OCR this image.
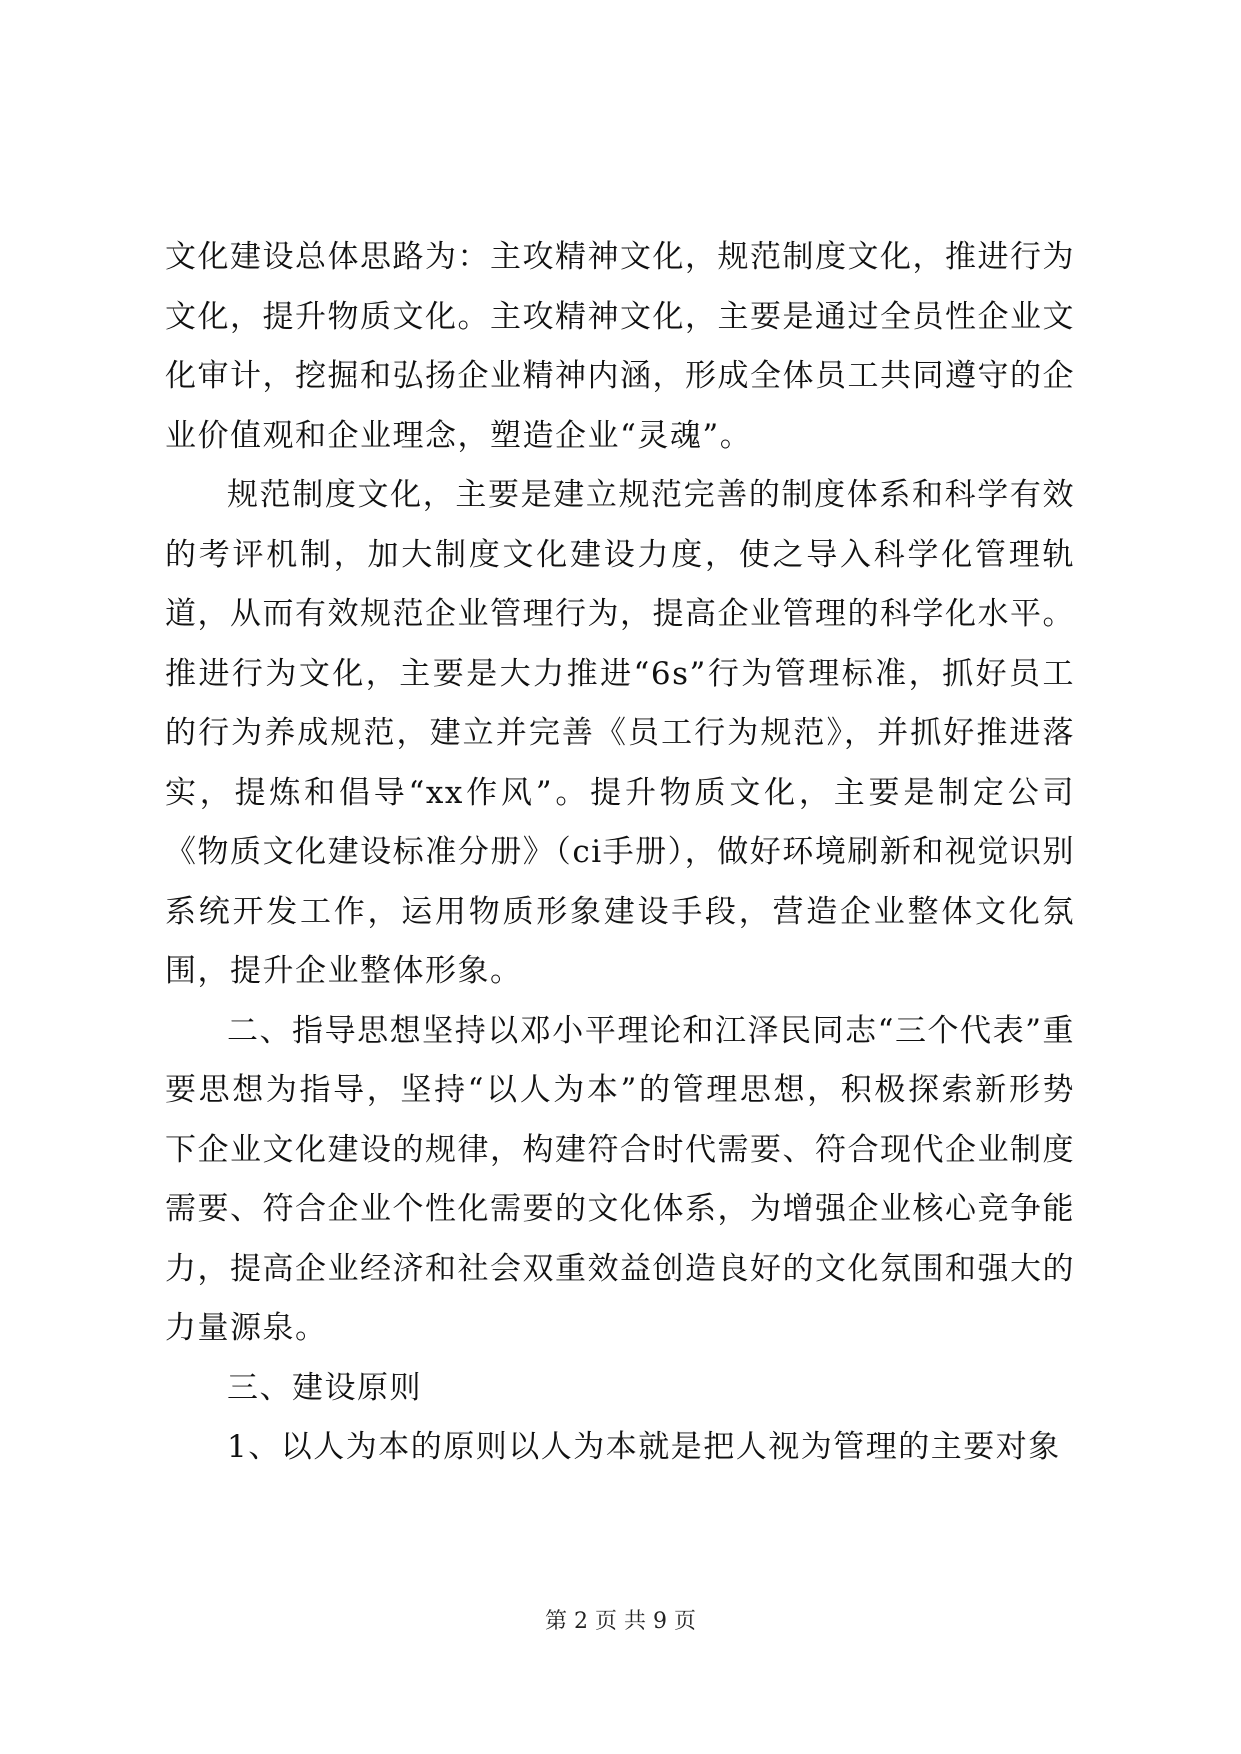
文化建设总体思路为：主攻精神文化，规范制度文化，推进行为文化，提升物质文化。主攻精神文化，主要是通过全员性企业文化审计，挖掘和弘扬企业精神内涵，形成全体员工共同遵守的企业价值观和企业理念，塑造企业“灵魂”。

规范制度文化，主要是建立规范完善的制度体系和科学有效的考评机制，加大制度文化建设力度，使之导入科学化管理轨道，从而有效规范企业管理行为，提高企业管理的科学化水平。推进行为文化，主要是大力推进“6s”行为管理标准，抓好员工的行为养成规范，建立并完善《员工行为规范》，并抓好推进落实，提炼和倡导“xx作风”。提升物质文化，主要是制定公司《物质文化建设标准分册》（ci手册），做好环境刷新和视觉识别系统开发工作，运用物质形象建设手段，营造企业整体文化氛围，提升企业整体形象。

二、指导思想坚持以邓小平理论和江泽民同志“三个代表”重要思想为指导，坚持“以人为本”的管理思想，积极探索新形势下企业文化建设的规律，构建符合时代需要、符合现代企业制度需要、符合企业个性化需要的文化体系，为增强企业核心竞争能力，提高企业经济和社会双重效益创造良好的文化氛围和强大的力量源泉。

三、建设原则

1、以人为本的原则以人为本就是把人视为管理的主要对象

第 2 页 共 9 页
